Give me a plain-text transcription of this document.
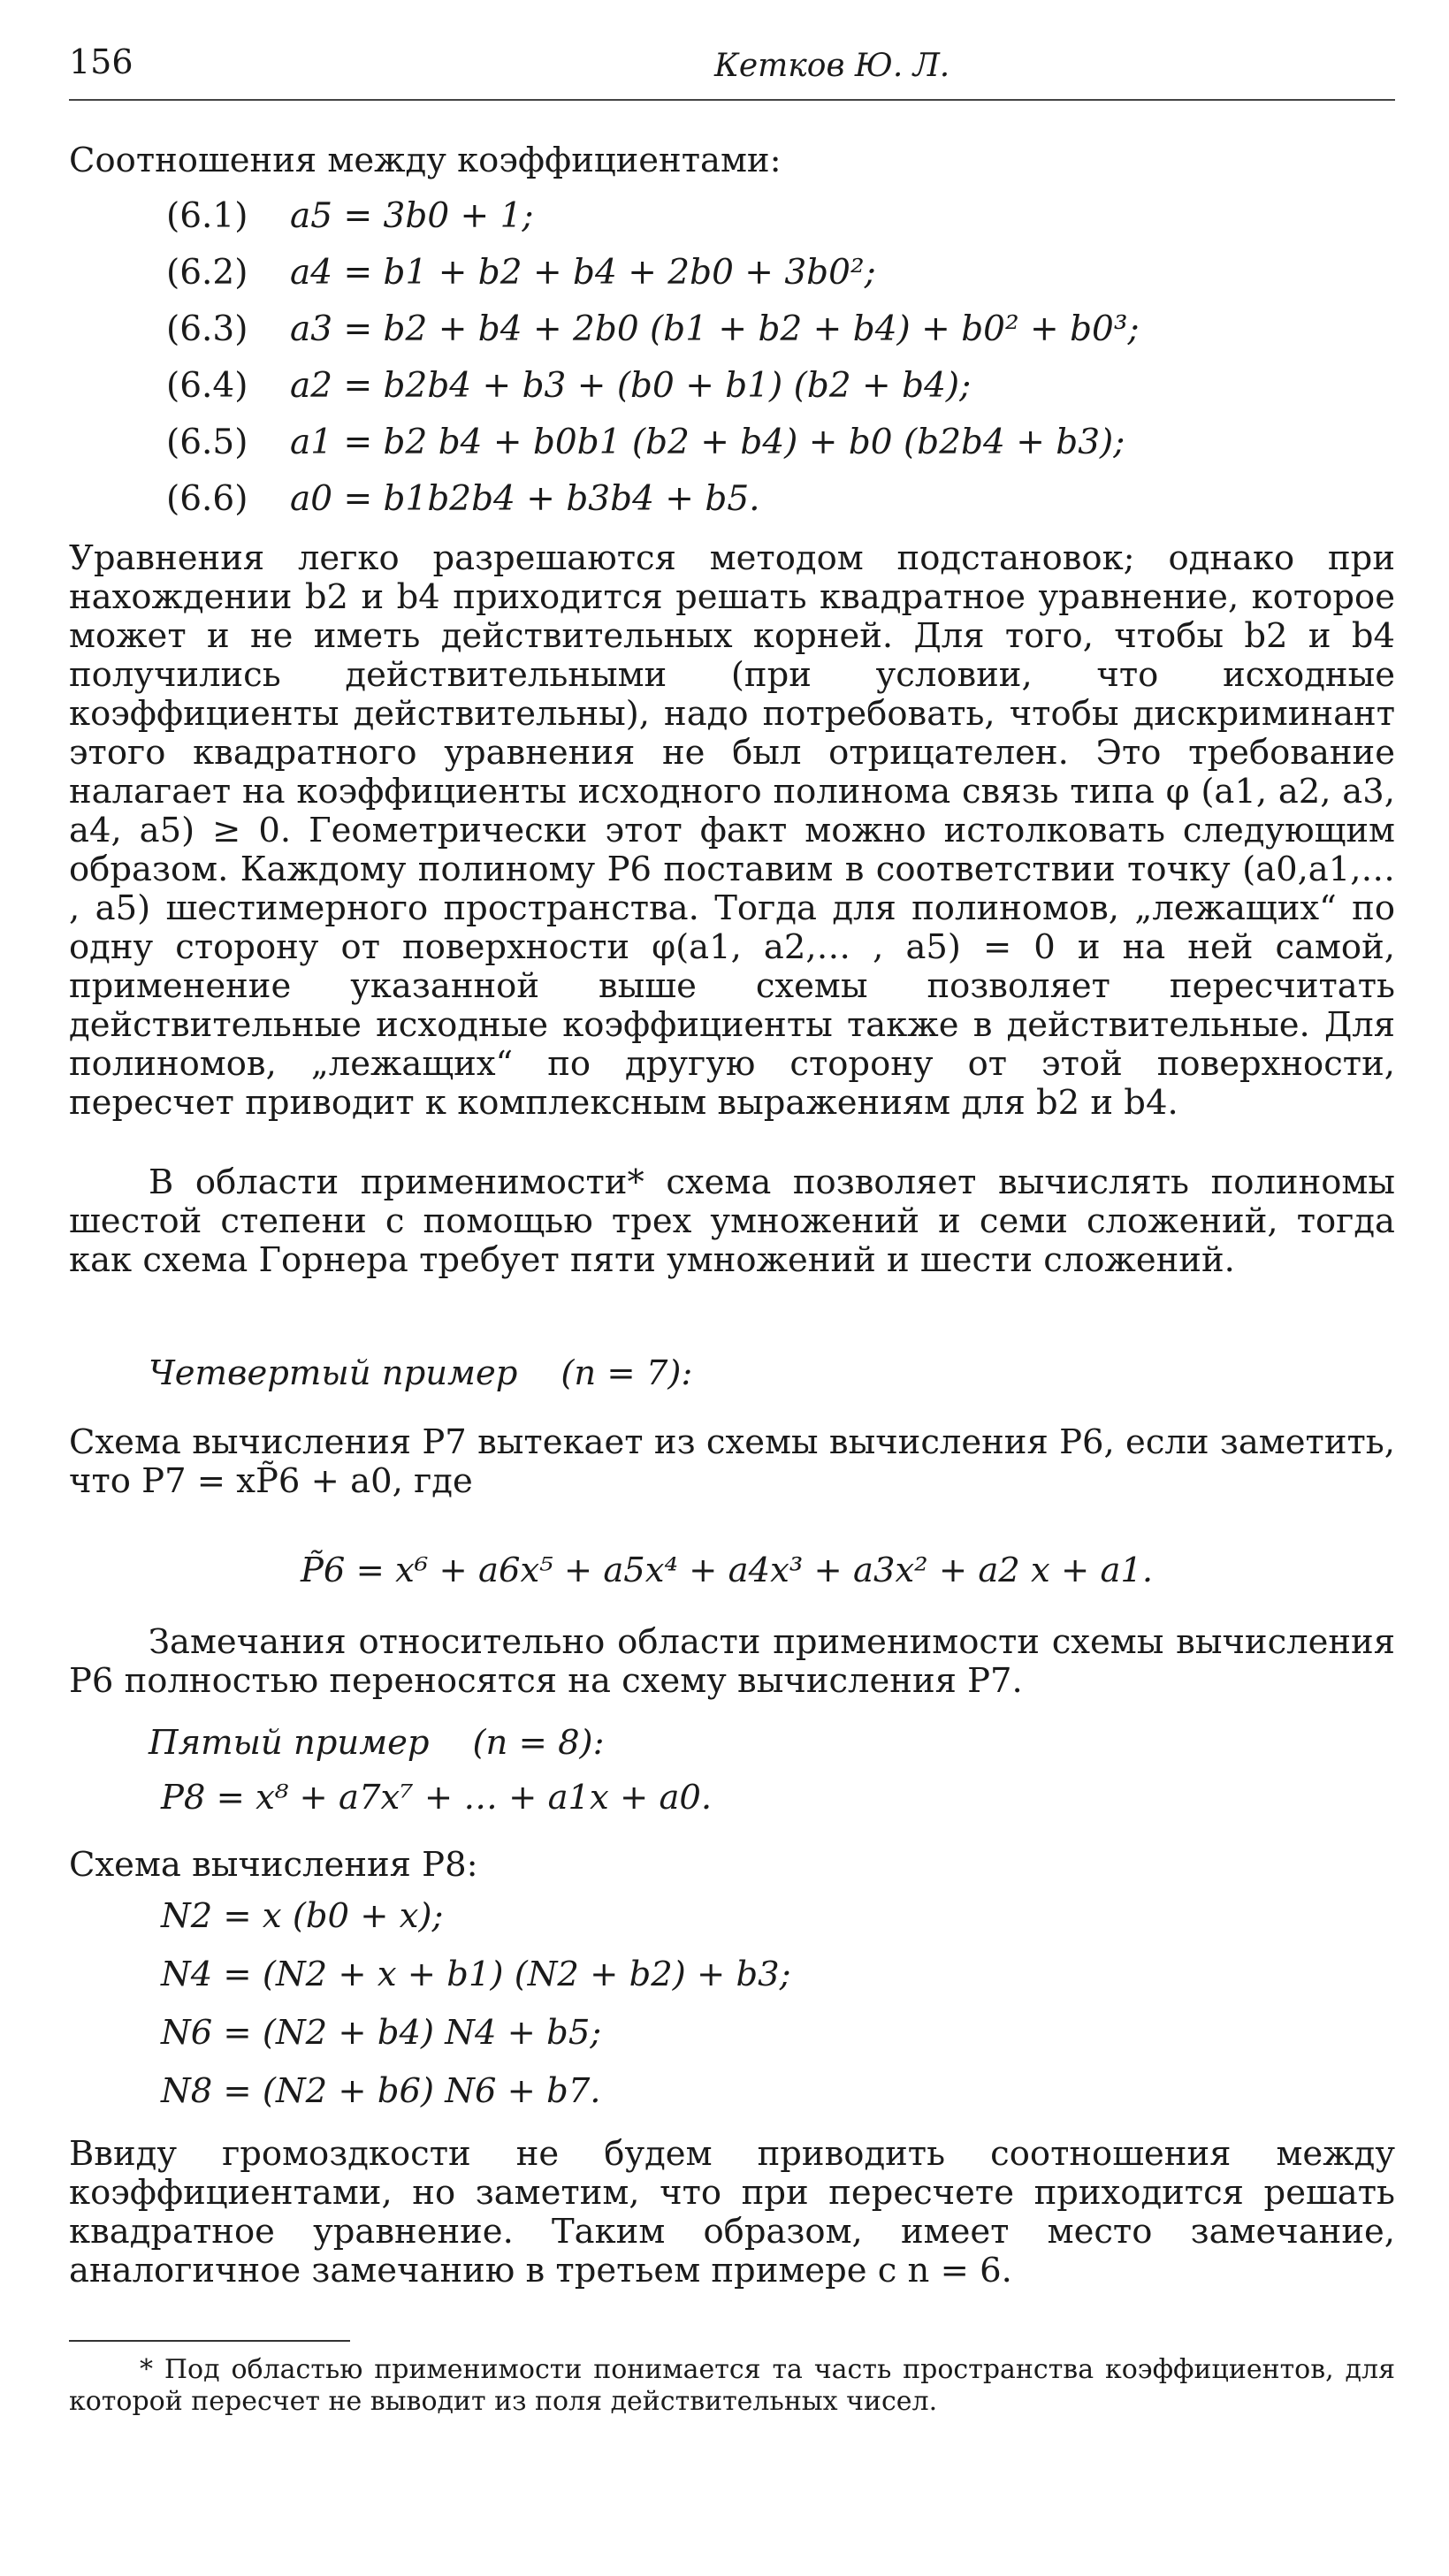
156	Кетков Ю. Л.

Соотношения между коэффициентами:

(6.1) a5 = 3b0 + 1;
(6.2) a4 = b1 + b2 + b4 + 2b0 + 3b0²;
(6.3) a3 = b2 + b4 + 2b0 (b1 + b2 + b4) + b0² + b0³;
(6.4) a2 = b2b4 + b3 + (b0 + b1) (b2 + b4);
(6.5) a1 = b2 b4 + b0b1 (b2 + b4) + b0 (b2b4 + b3);
(6.6) a0 = b1b2b4 + b3b4 + b5.

Уравнения легко разрешаются методом подстановок; однако при нахождении b2 и b4 приходится решать квадратное уравнение, которое может и не иметь действительных корней. Для того, чтобы b2 и b4 получились действительными (при условии, что исходные коэффициенты действительны), надо потребовать, чтобы дискриминант этого квадратного уравнения не был отрицателен. Это требование налагает на коэффициенты исходного полинома связь типа φ (a1, a2, a3, a4, a5) ≥ 0. Геометрически этот факт можно истолковать следующим образом. Каждому полиному P6 поставим в соответствии точку (a0,a1,… , a5) шестимерного пространства. Тогда для полиномов, „лежащих“ по одну сторону от поверхности φ(a1, a2,… , a5) = 0 и на ней самой, применение указанной выше схемы позволяет пересчитать действительные исходные коэффициенты также в действительные. Для полиномов, „лежащих“ по другую сторону от этой поверхности, пересчет приводит к комплексным выражениям для b2 и b4.

В области применимости* схема позволяет вычислять полиномы шестой степени с помощью трех умножений и семи сложений, тогда как схема Горнера требует пяти умножений и шести сложений.

Четвертый пример (n = 7):

Схема вычисления P7 вытекает из схемы вычисления P6, если заметить, что P7 = xP̃6 + a0, где

P̃6 = x⁶ + a6x⁵ + a5x⁴ + a4x³ + a3x² + a2 x + a1.

Замечания относительно области применимости схемы вычисления P6 полностью переносятся на схему вычисления P7.

Пятый пример (n = 8):

P8 = x⁸ + a7x⁷ + … + a1x + a0.

Схема вычисления P8:

N2 = x (b0 + x);
N4 = (N2 + x + b1) (N2 + b2) + b3;
N6 = (N2 + b4) N4 + b5;
N8 = (N2 + b6) N6 + b7.

Ввиду громоздкости не будем приводить соотношения между коэффициентами, но заметим, что при пересчете приходится решать квадратное уравнение. Таким образом, имеет место замечание, аналогичное замечанию в третьем примере с n = 6.

* Под областью применимости понимается та часть пространства коэффициентов, для которой пересчет не выводит из поля действительных чисел.
